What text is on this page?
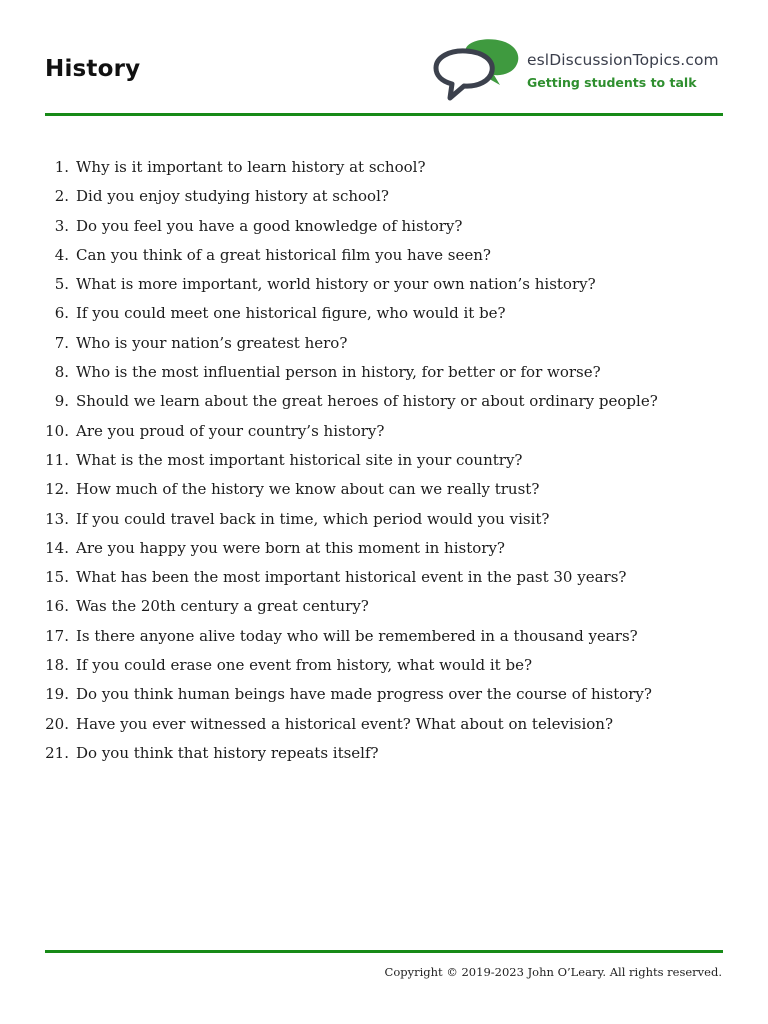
History	eslDiscussionTopics.com
Getting students to talk
1. Why is it important to learn history at school?
2. Did you enjoy studying history at school?
3. Do you feel you have a good knowledge of history?
4. Can you think of a great historical film you have seen?
5. What is more important, world history or your own nation’s history?
6. If you could meet one historical figure, who would it be?
7. Who is your nation’s greatest hero?
8. Who is the most influential person in history, for better or for worse?
9. Should we learn about the great heroes of history or about ordinary people?
10. Are you proud of your country’s history?
11. What is the most important historical site in your country?
12. How much of the history we know about can we really trust?
13. If you could travel back in time, which period would you visit?
14. Are you happy you were born at this moment in history?
15. What has been the most important historical event in the past 30 years?
16. Was the 20th century a great century?
17. Is there anyone alive today who will be remembered in a thousand years?
18. If you could erase one event from history, what would it be?
19. Do you think human beings have made progress over the course of history?
20. Have you ever witnessed a historical event? What about on television?
21. Do you think that history repeats itself?
Copyright © 2019-2023 John O’Leary. All rights reserved.
